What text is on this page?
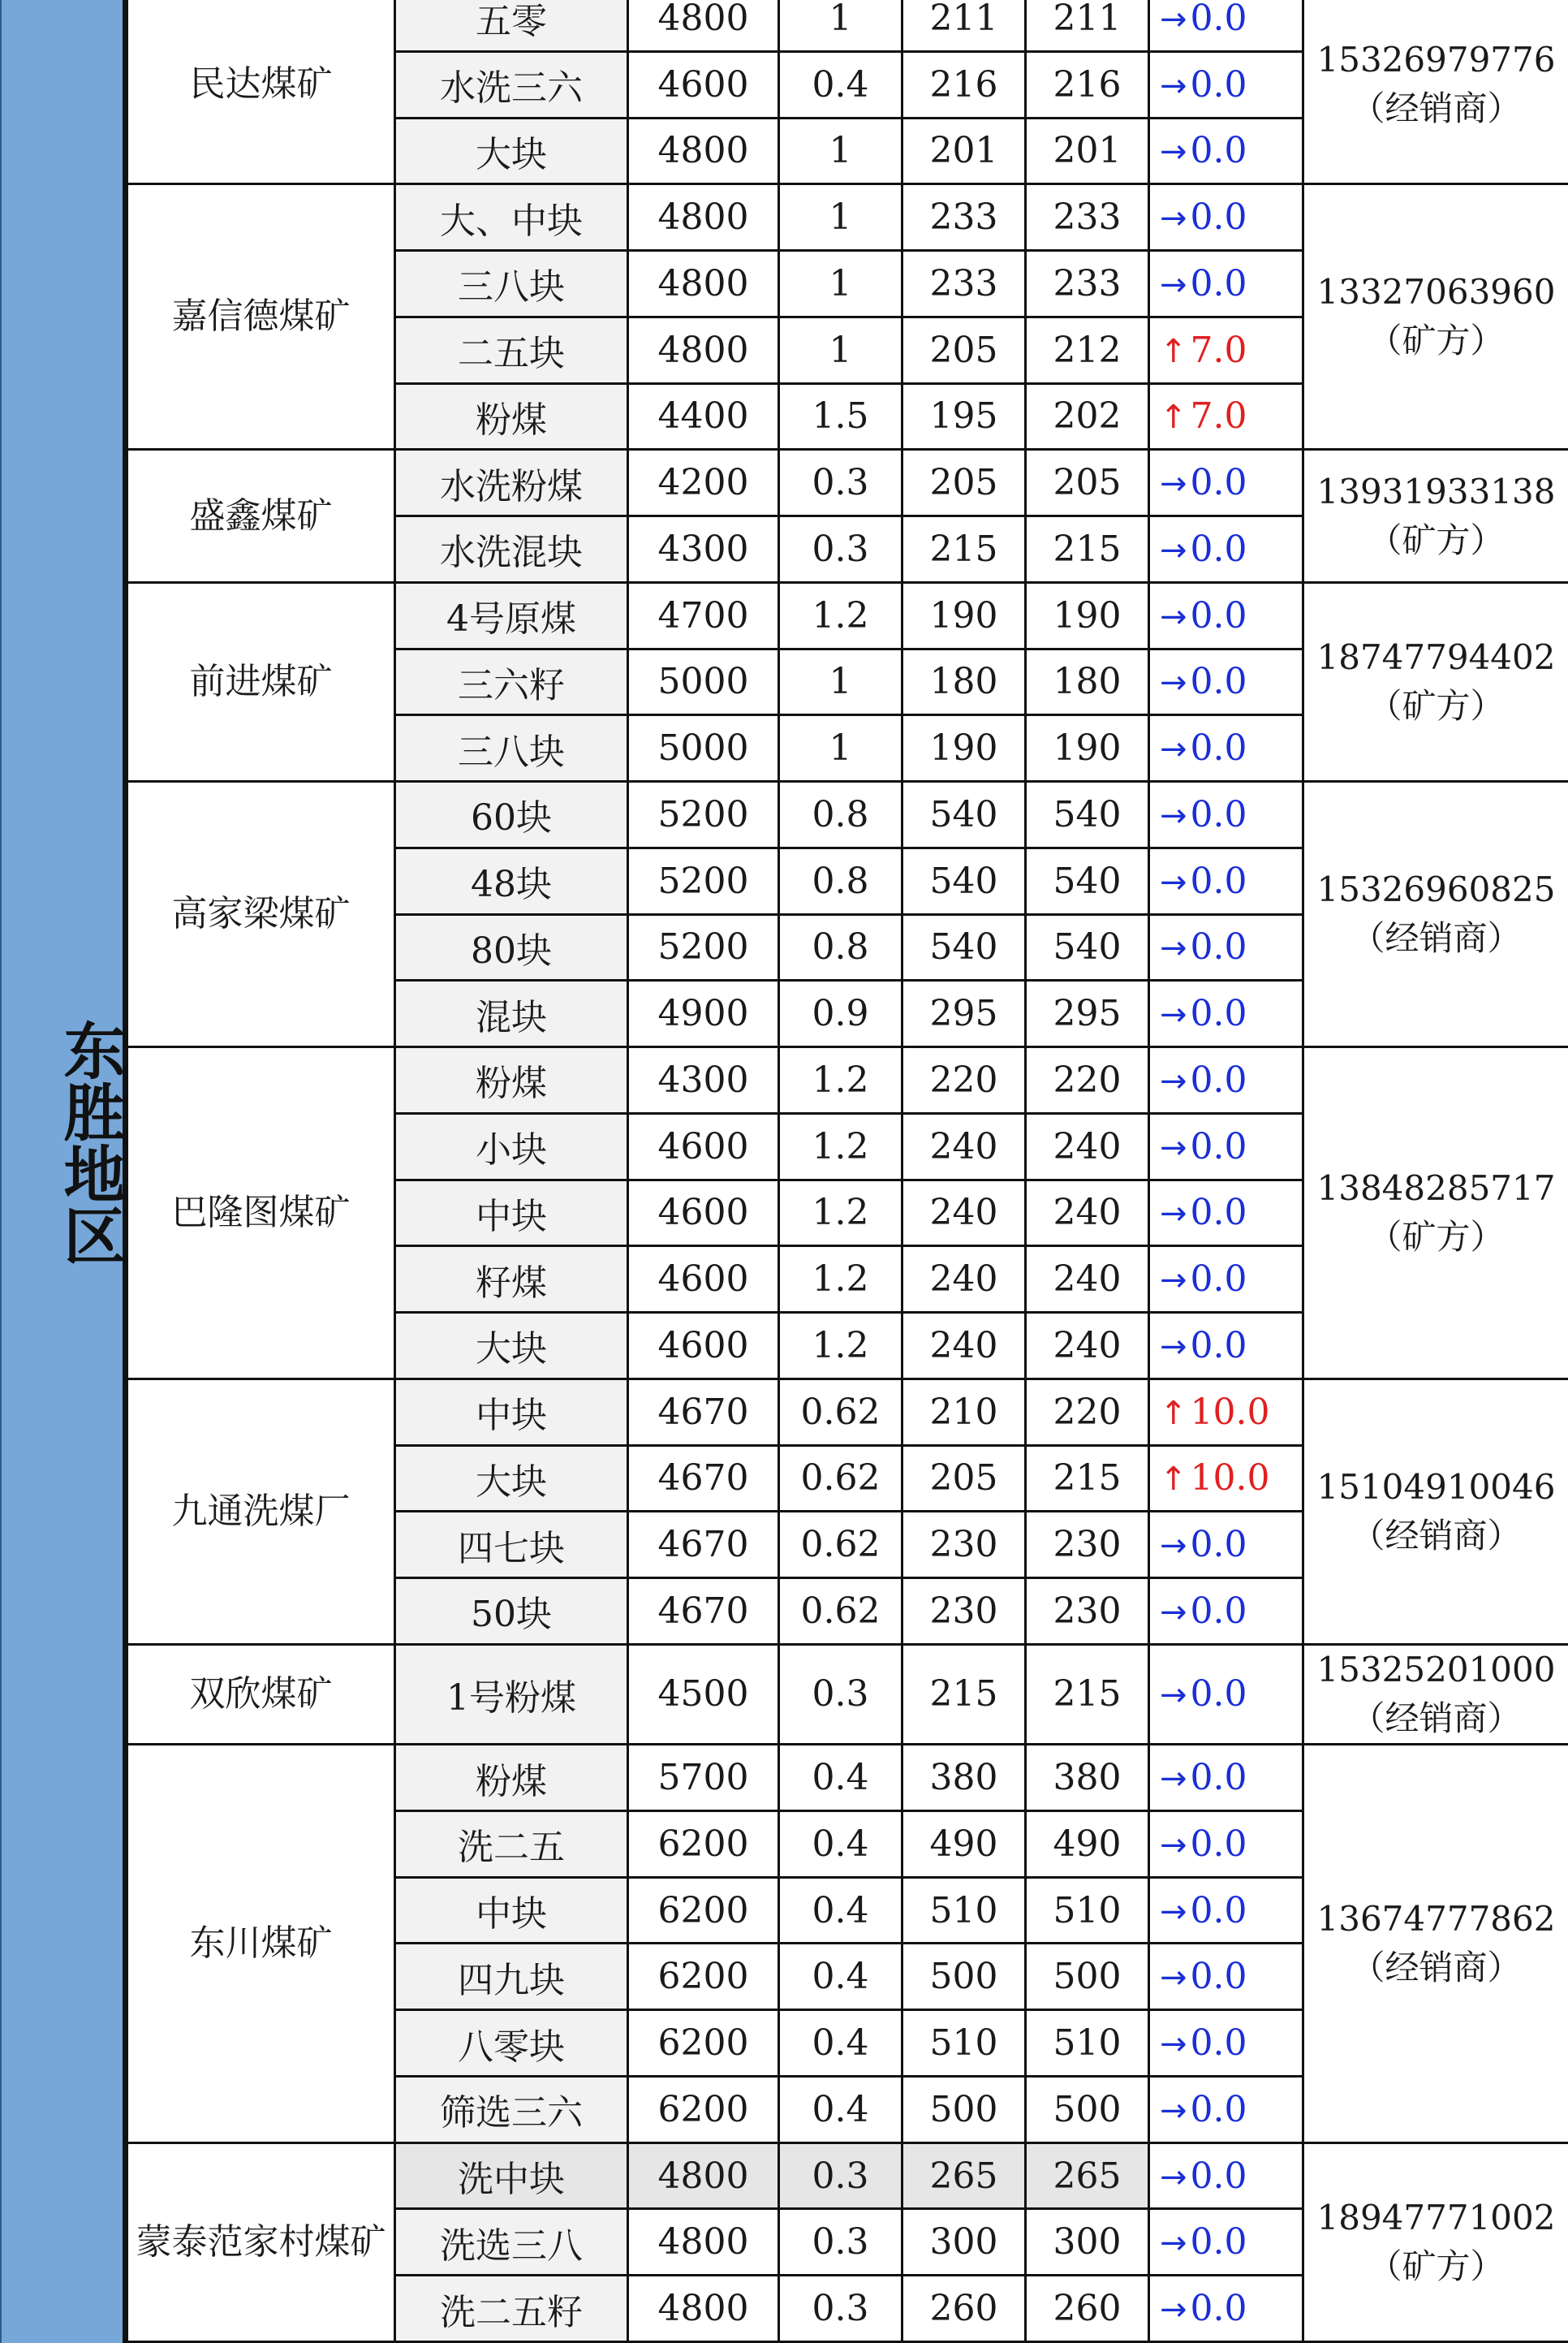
东胜地区
民达煤矿	五零	4800	1	211	211	→0.0	15326979776
（经销商）

	水洗三六	4600	0.4	216	216	→0.0	
	大块	4800	1	201	201	→0.0	
嘉信德煤矿	大、中块	4800	1	233	233	→0.0	13327063960
（矿方）

	三八块	4800	1	233	233	→0.0	
	二五块	4800	1	205	212	↑7.0	
	粉煤	4400	1.5	195	202	↑7.0	
盛鑫煤矿	水洗粉煤	4200	0.3	205	205	→0.0	13931933138
（矿方）

	水洗混块	4300	0.3	215	215	→0.0	
前进煤矿	4号原煤	4700	1.2	190	190	→0.0	18747794402
（矿方）

	三六籽	5000	1	180	180	→0.0	
	三八块	5000	1	190	190	→0.0	
高家梁煤矿	60块	5200	0.8	540	540	→0.0	15326960825
（经销商）

	48块	5200	0.8	540	540	→0.0	
	80块	5200	0.8	540	540	→0.0	
	混块	4900	0.9	295	295	→0.0	
巴隆图煤矿	粉煤	4300	1.2	220	220	→0.0	13848285717
（矿方）

	小块	4600	1.2	240	240	→0.0	
	中块	4600	1.2	240	240	→0.0	
	籽煤	4600	1.2	240	240	→0.0	
	大块	4600	1.2	240	240	→0.0	
九通洗煤厂	中块	4670	0.62	210	220	↑10.0	15104910046
（经销商）

	大块	4670	0.62	205	215	↑10.0	
	四七块	4670	0.62	230	230	→0.0	
	50块	4670	0.62	230	230	→0.0	
双欣煤矿	1号粉煤	4500	0.3	215	215	→0.0	15325201000
（经销商）

东川煤矿	粉煤	5700	0.4	380	380	→0.0	13674777862
（经销商）

	洗二五	6200	0.4	490	490	→0.0	
	中块	6200	0.4	510	510	→0.0	
	四九块	6200	0.4	500	500	→0.0	
	八零块	6200	0.4	510	510	→0.0	
	筛选三六	6200	0.4	500	500	→0.0	
蒙泰范家村煤矿	洗中块	4800	0.3	265	265	→0.0	18947771002
（矿方）

	洗选三八	4800	0.3	300	300	→0.0	
	洗二五籽	4800	0.3	260	260	→0.0	
